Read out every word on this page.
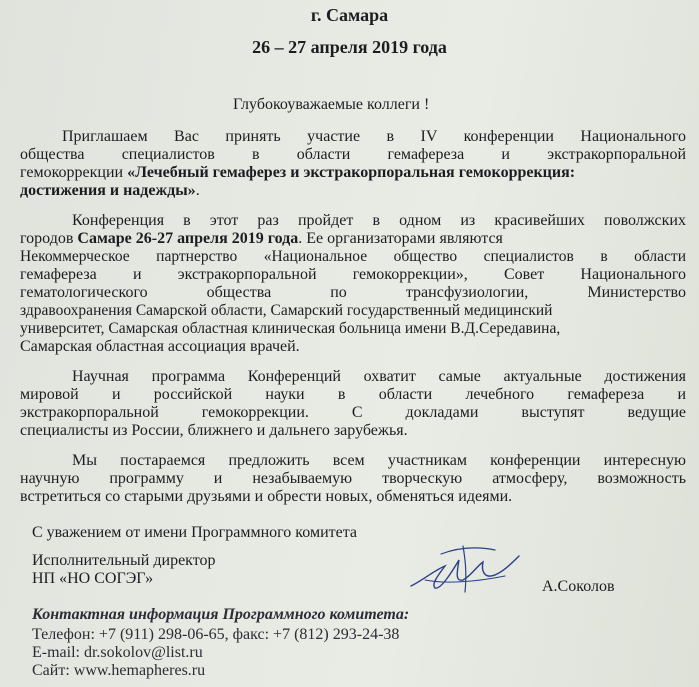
г. Самара
26 – 27 апреля 2019 года
Глубокоуважаемые коллеги !
Приглашаем Вас принять участие в IV конференции Национального
общества специалистов в области гемафереза и экстракорпоральной
гемокоррекции «Лечебный гемаферез и экстракорпоральная гемокоррекция:
достижения и надежды».
Конференция в этот раз пройдет в одном из красивейших поволжских
городов Самаре 26-27 апреля 2019 года. Ее организаторами являются
Некоммерческое партнерство «Национальное общество специалистов в области
гемафереза и экстракорпоральной гемокоррекции», Совет Национального
гематологического общества по трансфузиологии, Министерство
здравоохранения Самарской области, Самарский государственный медицинский
университет, Самарская областная клиническая больница имени В.Д.Середавина,
Самарская областная ассоциация врачей.
Научная программа Конференций охватит самые актуальные достижения
мировой и российской науки в области лечебного гемафереза и
экстракорпоральной гемокоррекции. С докладами выступят ведущие
специалисты из России, ближнего и дальнего зарубежья.
Мы постараемся предложить всем участникам конференции интересную
научную программу и незабываемую творческую атмосферу, возможность
встретиться со старыми друзьями и обрести новых, обменяться идеями.
С уважением от имени Программного комитета
Исполнительный директор
НП «НО СОГЭГ»	А.Соколов
Контактная информация Программного комитета:
Телефон: +7 (911) 298-06-65, факс: +7 (812) 293-24-38
E-mail: dr.sokolov@list.ru
Сайт: www.hemapheres.ru
